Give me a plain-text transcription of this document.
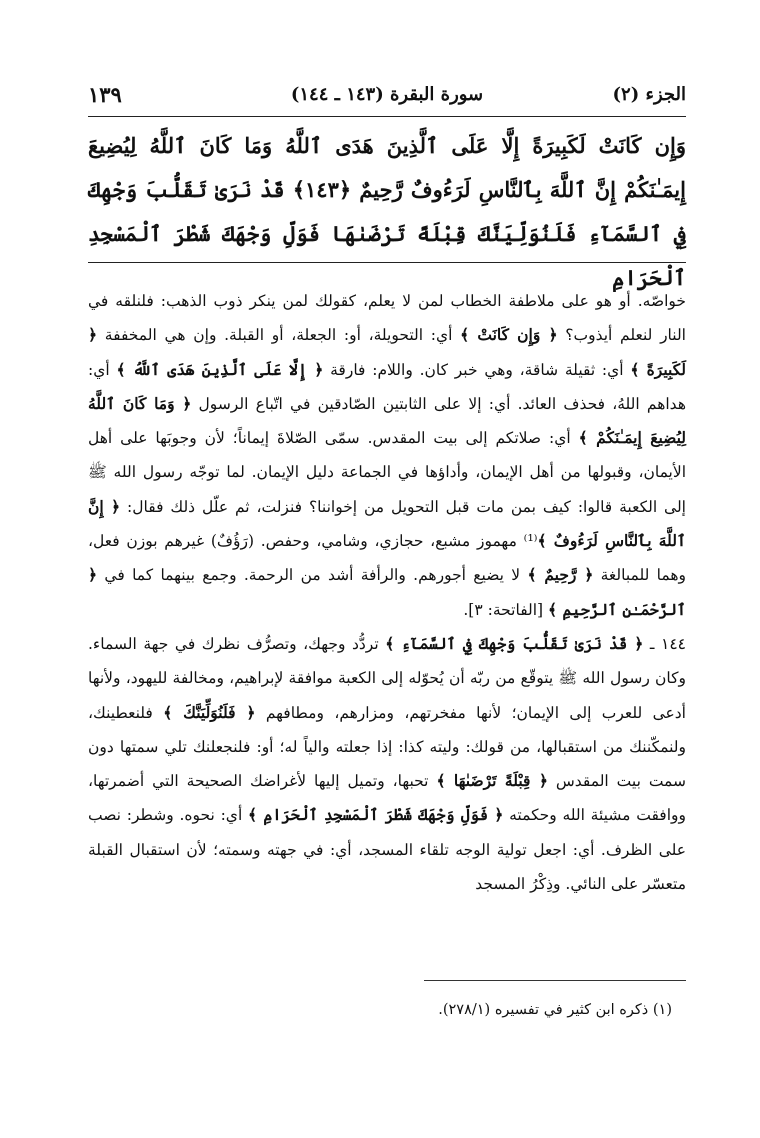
الجزء (٢)
سورة البقرة (١٤٣ ـ ١٤٤)
١٣٩
وَإِن كَانَتْ لَكَبِيرَةً إِلَّا عَلَى ٱلَّذِينَ هَدَى ٱللَّهُ وَمَا كَانَ ٱللَّهُ لِيُضِيعَ إِيمَـٰنَكُمْ إِنَّ ٱللَّهَ بِٱلنَّاسِ لَرَءُوفٌ رَّحِيمٌ ﴿١٤٣﴾ قَدْ نَرَىٰ تَقَلُّبَ وَجْهِكَ فِي ٱلسَّمَآءِ فَلَنُوَلِّيَنَّكَ قِبْلَةً تَرْضَىٰهَا فَوَلِّ وَجْهَكَ شَطْرَ ٱلْمَسْجِدِ ٱلْحَرَامِ

خواصّه. أو هو على ملاطفة الخطاب لمن لا يعلم، كقولك لمن ينكر ذوب الذهب: فلنلقه في النار لنعلم أيذوب؟ ﴿ وَإِن كَانَتْ ﴾ أي: التحويلة، أو: الجعلة، أو القبلة. وإن هي المخففة ﴿ لَكَبِيرَةً ﴾ أي: ثقيلة شاقة، وهي خبر كان. واللام: فارقة ﴿ إِلَّا عَلَى ٱلَّذِينَ هَدَى ٱللَّهُ ﴾ أي: هداهم اللهُ، فحذف العائد. أي: إلا على الثابتين الصّادقين في اتّباع الرسول ﴿ وَمَا كَانَ ٱللَّهُ لِيُضِيعَ إِيمَـٰنَكُمْ ﴾ أي: صلاتكم إلى بيت المقدس. سمّى الصّلاةَ إيماناً؛ لأن وجوبَها على أهل الأيمان، وقبولها من أهل الإيمان، وأداؤها في الجماعة دليل الإيمان. لما توجّه رسول الله ﷺ إلى الكعبة قالوا: كيف بمن مات قبل التحويل من إخواننا؟ فنزلت، ثم علّل ذلك فقال: ﴿ إِنَّ ٱللَّهَ بِٱلنَّاسِ لَرَءُوفٌ ﴾⁽¹⁾ مهموز مشبع، حجازي، وشامي، وحفص. (رَؤُفٌ) غيرهم بوزن فعل، وهما للمبالغة ﴿ رَّحِيمٌ ﴾ لا يضيع أجورهم. والرأفة أشد من الرحمة. وجمع بينهما كما في ﴿ ٱلرَّحْمَـٰنِ ٱلرَّحِيمِ ﴾ [الفاتحة: ٣].

١٤٤ ـ ﴿ قَدْ نَرَىٰ تَقَلُّبَ وَجْهِكَ فِي ٱلسَّمَآءِ ﴾ تردُّد وجهك، وتصرُّف نظرك في جهة السماء. وكان رسول الله ﷺ يتوقّع من ربّه أن يُحوّله إلى الكعبة موافقة لإبراهيم، ومخالفة لليهود، ولأنها أدعى للعرب إلى الإيمان؛ لأنها مفخرتهم، ومزارهم، ومطافهم ﴿ فَلَنُوَلِّيَنَّكَ ﴾ فلنعطينك، ولنمكّننك من استقبالها، من قولك: وليته كذا: إذا جعلته والياً له؛ أو: فلنجعلنك تلي سمتها دون سمت بيت المقدس ﴿ قِبْلَةً تَرْضَىٰهَا ﴾ تحبها، وتميل إليها لأغراضك الصحيحة التي أضمرتها، ووافقت مشيئة الله وحكمته ﴿ فَوَلِّ وَجْهَكَ شَطْرَ ٱلْمَسْجِدِ ٱلْحَرَامِ ﴾ أي: نحوه. وشطر: نصب على الظرف. أي: اجعل تولية الوجه تلقاء المسجد، أي: في جهته وسمته؛ لأن استقبال القبلة متعسّر على النائي. وذِكْرُ المسجد

(١) ذكره ابن كثير في تفسيره (٢٧٨/١).
